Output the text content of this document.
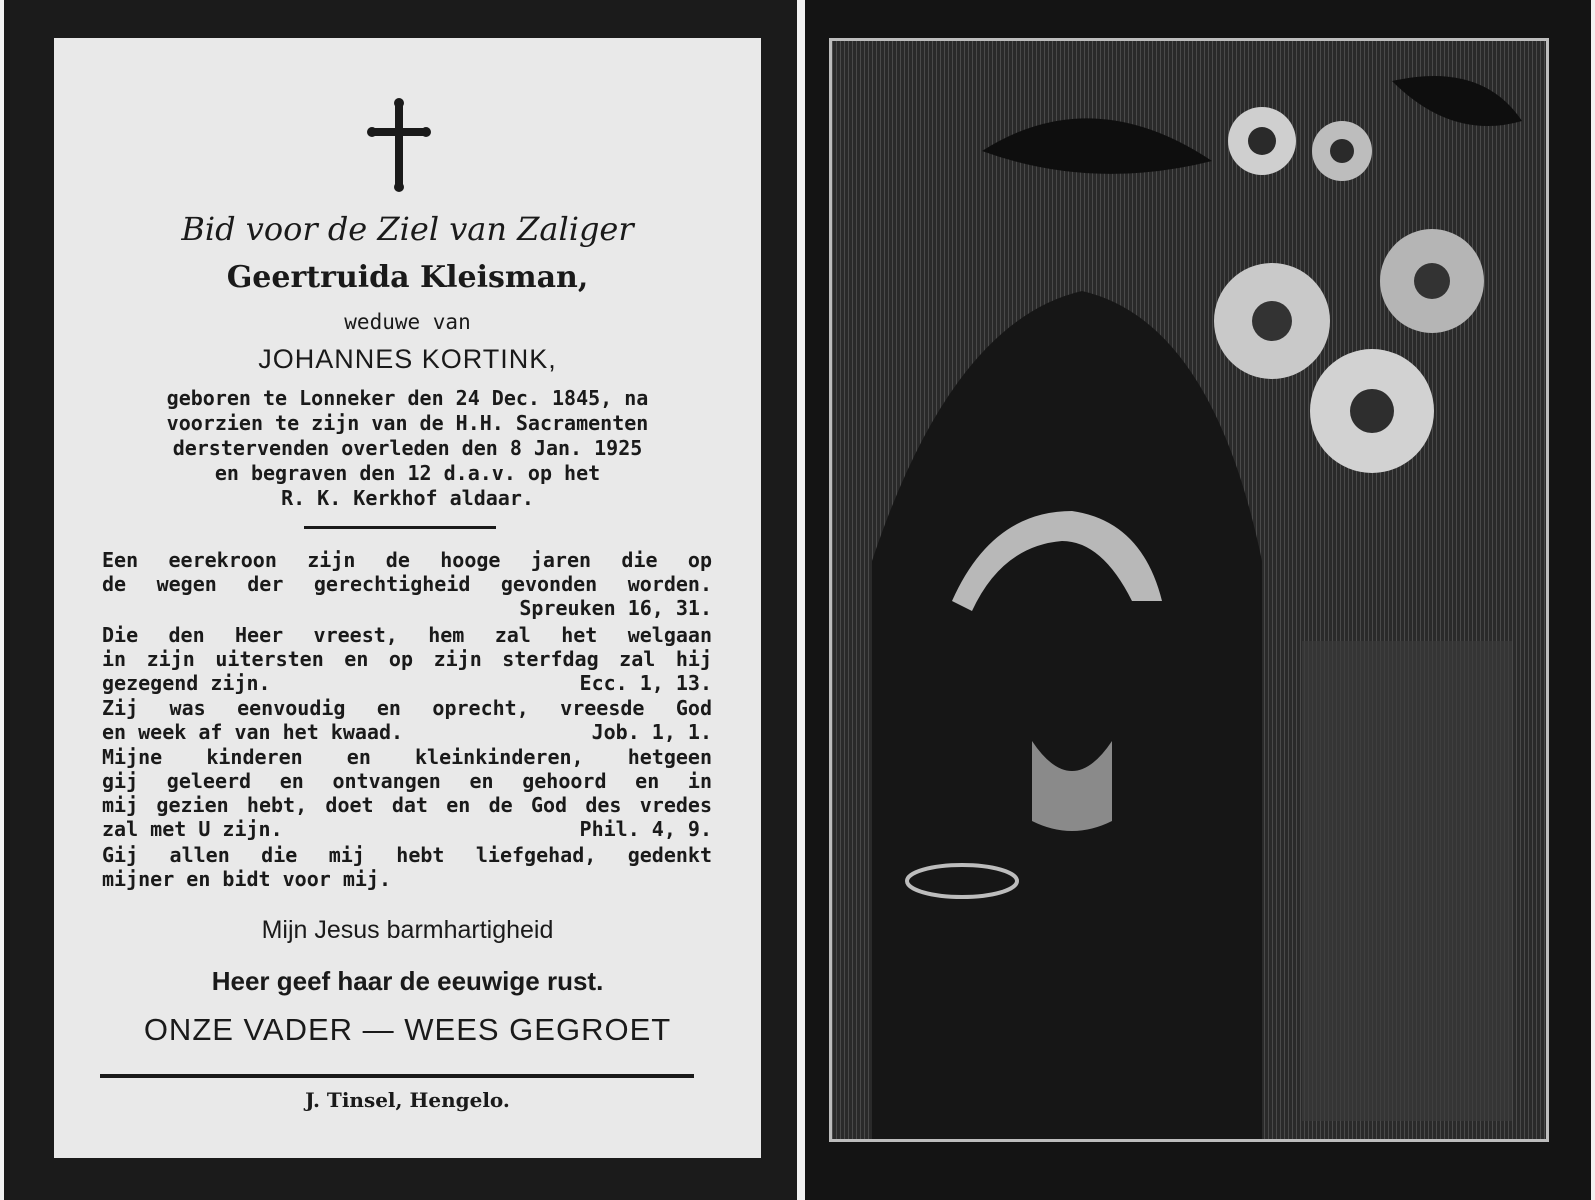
Bid voor de Ziel van Zaliger
Geertruida Kleisman,
weduwe van
JOHANNES KORTINK,
geboren te Lonneker den 24 Dec. 1845, na
voorzien te zijn van de H.H. Sacramenten
derstervenden overleden den 8 Jan. 1925
en begraven den 12 d.a.v. op het
R. K. Kerkhof aldaar.
Een eerekroon zijn de hooge jaren die op
de wegen der gerechtigheid gevonden worden.
Spreuken 16, 31.
Die den Heer vreest, hem zal het welgaan
in zijn uitersten en op zijn sterfdag zal hij
gezegend zijn.	Ecc. 1, 13.
Zij was eenvoudig en oprecht, vreesde God
en week af van het kwaad.	Job. 1, 1.
Mijne kinderen en kleinkinderen, hetgeen
gij geleerd en ontvangen en gehoord en in
mij gezien hebt, doet dat en de God des vredes
zal met U zijn.	Phil. 4, 9.
Gij allen die mij hebt liefgehad, gedenkt
mijner en bidt voor mij.
Mijn Jesus barmhartigheid
Heer geef haar de eeuwige rust.
ONZE VADER — WEES GEGROET
J. Tinsel, Hengelo.
